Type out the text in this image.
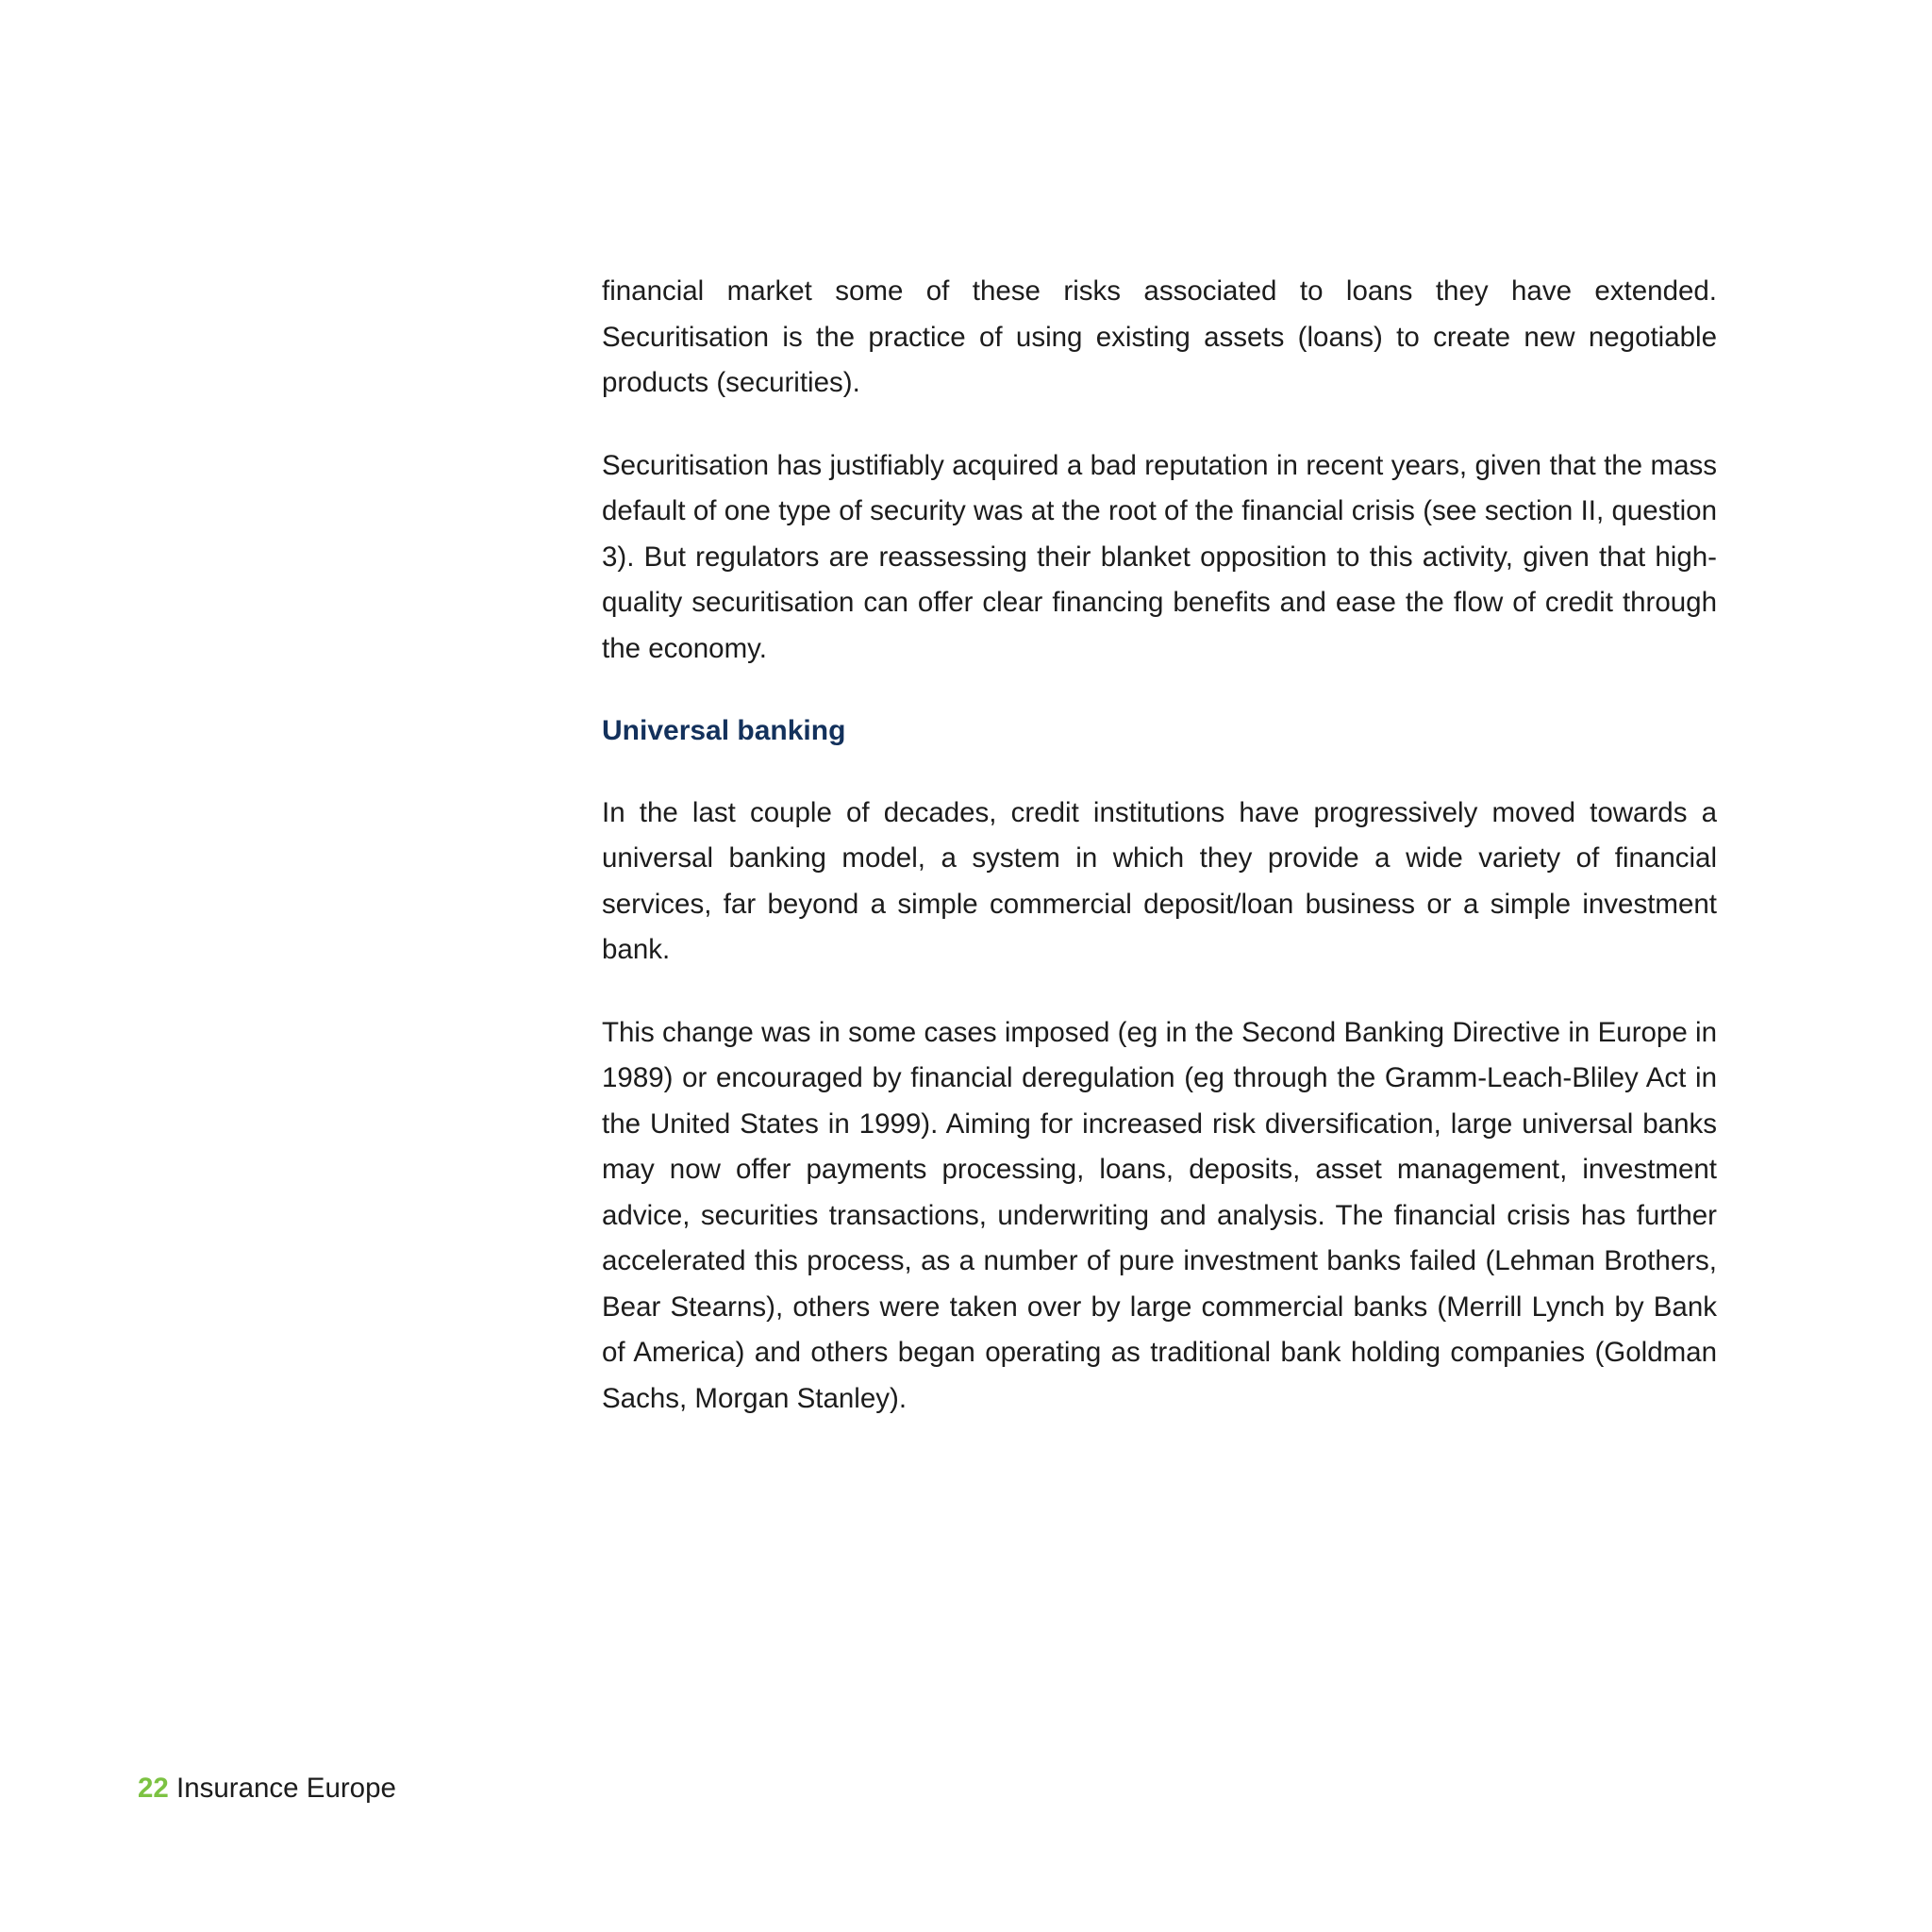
financial market some of these risks associated to loans they have extended. Securitisation is the practice of using existing assets (loans) to create new negotiable products (securities).

Securitisation has justifiably acquired a bad reputation in recent years, given that the mass default of one type of security was at the root of the financial crisis (see section II, question 3). But regulators are reassessing their blanket opposition to this activity, given that high-quality securitisation can offer clear financing benefits and ease the flow of credit through the economy.

Universal banking

In the last couple of decades, credit institutions have progressively moved towards a universal banking model, a system in which they provide a wide variety of financial services, far beyond a simple commercial deposit/loan business or a simple investment bank.

This change was in some cases imposed (eg in the Second Banking Directive in Europe in 1989) or encouraged by financial deregulation (eg through the Gramm-Leach-Bliley Act in the United States in 1999). Aiming for increased risk diversification, large universal banks may now offer payments processing, loans, deposits, asset management, investment advice, securities transactions, underwriting and analysis. The financial crisis has further accelerated this process, as a number of pure investment banks failed (Lehman Brothers, Bear Stearns), others were taken over by large commercial banks (Merrill Lynch by Bank of America) and others began operating as traditional bank holding companies (Goldman Sachs, Morgan Stanley).

22 Insurance Europe
